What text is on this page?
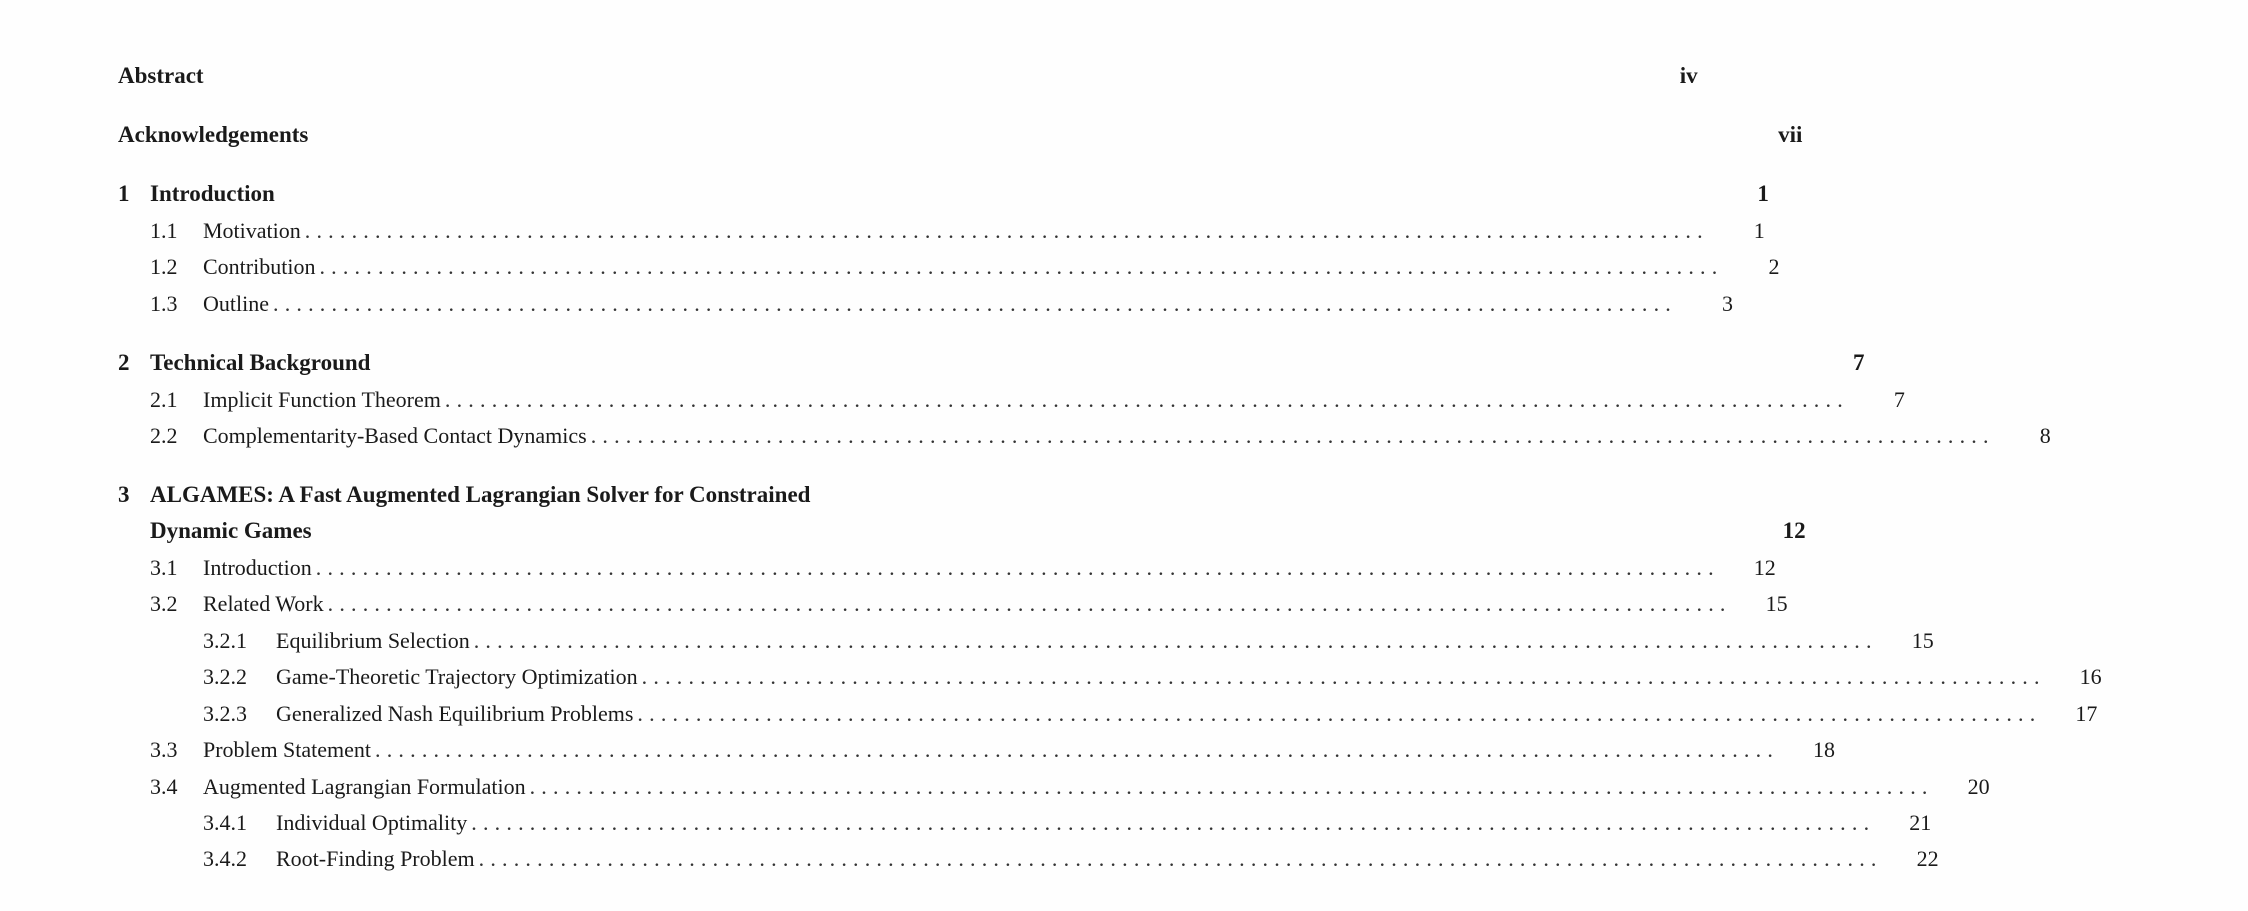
Abstract	iv
Acknowledgements	vii
1 Introduction	1
1.1	Motivation ........................................................................................................................	1
1.2	Contribution ........................................................................................................................	2
1.3	Outline ........................................................................................................................	3
2 Technical Background	7
2.1	Implicit Function Theorem ........................................................................................................................	7
2.2	Complementarity-Based Contact Dynamics ........................................................................................................................	8
3 ALGAMES: A Fast Augmented Lagrangian Solver for Constrained
Dynamic Games	12
3.1	Introduction ........................................................................................................................	12
3.2	Related Work ........................................................................................................................	15
3.2.1	Equilibrium Selection ........................................................................................................................	15
3.2.2	Game-Theoretic Trajectory Optimization ........................................................................................................................	16
3.2.3	Generalized Nash Equilibrium Problems ........................................................................................................................	17
3.3	Problem Statement ........................................................................................................................	18
3.4	Augmented Lagrangian Formulation ........................................................................................................................	20
3.4.1	Individual Optimality ........................................................................................................................	21
3.4.2	Root-Finding Problem ........................................................................................................................	22
